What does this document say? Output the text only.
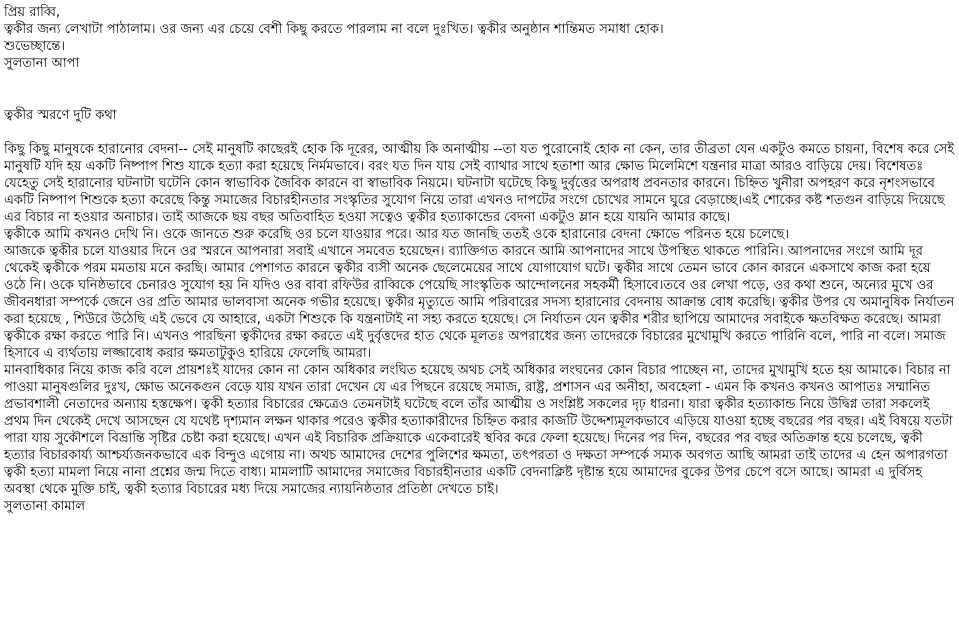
প্রিয় রাব্বি,
ত্বকীর জন্য লেখাটা পাঠালাম। ওর জন্য এর চেয়ে বেশী কিছু করতে পারলাম না বলে দুঃখিত। ত্বকীর অনুষ্ঠান শান্তিমত সমাধা হোক।
শুভেচ্ছান্তে।
সুলতানা আপা
ত্বকীর স্মরণে দুটি কথা

কিছু কিছু মানুষকে হারানোর বেদনা-- সেই মানুষটি কাছেরই হোক কি দূরের, আত্মীয় কি অনাত্মীয় --তা যত পুরোনোই হোক না কেন, তার তীব্রতা যেন একটুও কমতে চায়না, বিশেষ করে সেই মানুষটি যদি হয় একটি নিষ্পাপ শিশু যাকে হত্যা করা হয়েছে নির্মমভাবে। বরং যত দিন যায় সেই ব্যাথার সাথে হতাশা আর ক্ষোভ মিলেমিশে যন্ত্রনার মাত্রা আরও বাড়িয়ে দেয়। বিশেষতঃ যেহেতু সেই হারানোর ঘটনাটা ঘটেনি কোন স্বাভাবিক জৈবিক কারনে বা স্বাভাবিক নিয়মে। ঘটনাটা ঘটেছে কিছু দুর্বৃত্তের অপরাধ প্রবনতার কারনে। চিহ্নিত খুনীরা অপহরণ করে নৃশংসভাবে একটি নিষ্পাপ শিশুকে হত্যা করেছে কিন্তু সমাজের বিচারহীনতার সংস্কৃতির সুযোগ নিয়ে তারা এখনও দাপটের সংগে চোখের সামনে ঘুরে বেড়াচ্ছে।এই শোকের কষ্ট শতগুন বাড়িয়ে দিয়েছে এর বিচার না হওয়ার অনাচার। তাই আজকে ছয় বছর অতিবাহিত হওয়া সত্বেও ত্বকীর হত্যাকান্ডের বেদনা একটুও ম্লান হয়ে যায়নি আমার কাছে।

ত্বকীকে আমি কখনও দেখি নি। ওকে জানতে শুরু করেছি ওর চলে যাওয়ার পরে। আর যত জানছি ততই ওকে হারানোর বেদনা ক্ষোভে পরিনত হয়ে চলেছে।

আজকে ত্বকীর চলে যাওয়ার দিনে ওর স্মরনে আপনারা সবাই এখানে সমবেত হয়েছেন। ব্যাক্তিগত কারনে আমি আপনাদের সাথে উপস্থিত থাকতে পারিনি। আপনাদের সংগে আমি দূর থেকেই ত্বকীকে পরম মমতায় মনে করছি। আমার পেশাগত কারনে ত্বকীর ব্যসী অনেক ছেলেমেয়ের সাথে যোগাযোগ ঘটে। ত্বকীর সাথে তেমন ভাবে কোন কারনে একসাথে কাজ করা হয়ে ওঠে নি। ওকে ঘনিষ্ঠভাবে চেনারও সুযোগ হয় নি যদিও ওর বাবা রফিউর রাব্বিকে পেয়েছি সাংস্কৃতিক আন্দোলনের সহকর্মী হিসাবে।তবে ওর লেখা পড়ে, ওর কথা শুনে, অন্যের মুখে ওর জীবনধারা সম্পর্কে জেনে ওর প্রতি আমার ভালবাসা অনেক গভীর হয়েছে। ত্বকীর মৃত্যুতে আমি পরিবারের সদস্য হারানোর বেদনায় আক্রান্ত বোধ করেছি। ত্বকীর উপর যে অমানুষিক নির্যাতন করা হয়েছে , শিউরে উঠেছি এই ভেবে যে আহারে, একটা শিশুকে কি যন্ত্রনাটাই না সহ্য করতে হয়েছে। সে নির্যাতন যেন ত্বকীর শরীর ছাপিয়ে আমাদের সবাইকে ক্ষতবিক্ষত করেছে। আমরা ত্বকীকে রক্ষা করতে পারি নি। এখনও পারছিনা ত্বকীদের রক্ষা করতে এই দুর্বৃত্তদের হাত থেকে মূলতঃ অপরাধের জন্য তাদেরকে বিচারের মুখোমুখি করতে পারিনি বলে, পারি না বলে। সমাজ হিসাবে এ ব্যর্থতায় লজ্জাবোধ করার ক্ষমতাটুকুও হারিয়ে ফেলেছি আমরা।

মানবাধিকার নিয়ে কাজ করি বলে প্রায়শঃই যাদের কোন না কোন অধিকার লংঘিত হয়েছে অথচ সেই অধিকার লংঘনের কোন বিচার পাচ্ছেন না, তাদের মুখামুখি হতে হয় আমাকে। বিচার না পাওয়া মানুষগুলির দুঃখ, ক্ষোভ অনেকগুন বেড়ে যায় যখন তারা দেখেন যে এর পিছনে রয়েছে সমাজ, রাষ্ট্র, প্রশাসন এর অনীহা, অবহেলা - এমন কি কখনও কখনও আপাতঃ সম্মানিত প্রভাবশালী নেতাদের অন্যায় হস্তক্ষেপ। ত্বকী হত্যার বিচারের ক্ষেত্রেও তেমনটাই ঘটেছে বলে তাঁর আত্মীয় ও সংশ্লিষ্ট সকলের দৃঢ় ধারনা। যারা ত্বকীর হত্যাকান্ড নিয়ে উদ্বিগ্ন তারা সকলেই প্রথম দিন থেকেই দেখে আসছেন যে যথেষ্ট দৃশ্যমান লক্ষন থাকার পরেও ত্বকীর হত্যাকারীদের চিহ্নিত করার কাজটি উদ্দেশ্যমূলকভাবে এড়িয়ে যাওয়া হচ্ছে বছরের পর বছর। এই বিষয়ে যতটা পারা যায় সুকৌশলে বিভ্রান্তি সৃষ্টির চেষ্টা করা হয়েছে। এখন এই বিচারিক প্রক্রিয়াকে একেবারেই স্থবির করে ফেলা হয়েছে। দিনের পর দিন, বছরের পর বছর অতিক্রান্ত হয়ে চলেছে, ত্বকী হত্যার বিচারকার্য্য আশ্চর্য্যজনকভাবে এক বিন্দুও এগোয় না। অথচ আমাদের দেশের পুলিশের ক্ষমতা, তৎপরতা ও দক্ষতা সম্পর্কে সম্যক অবগত আছি আমরা তাই তাদের এ হেন অপারগতা ত্বকী হত্যা মামলা নিয়ে নানা প্রশ্নের জন্ম দিতে বাধ্য। মামলাটি আমাদের সমাজের বিচারহীনতার একটি বেদনাক্লিষ্ট দৃষ্টান্ত হয়ে আমাদের বুকের উপর চেপে বসে আছে। আমরা এ দুর্বিসহ অবস্থা থেকে মুক্তি চাই, ত্বকী হত্যার বিচারের মধ্য দিয়ে সমাজের ন্যায়নিষ্ঠতার প্রতিষ্ঠা দেখতে চাই।

সুলতানা কামাল
